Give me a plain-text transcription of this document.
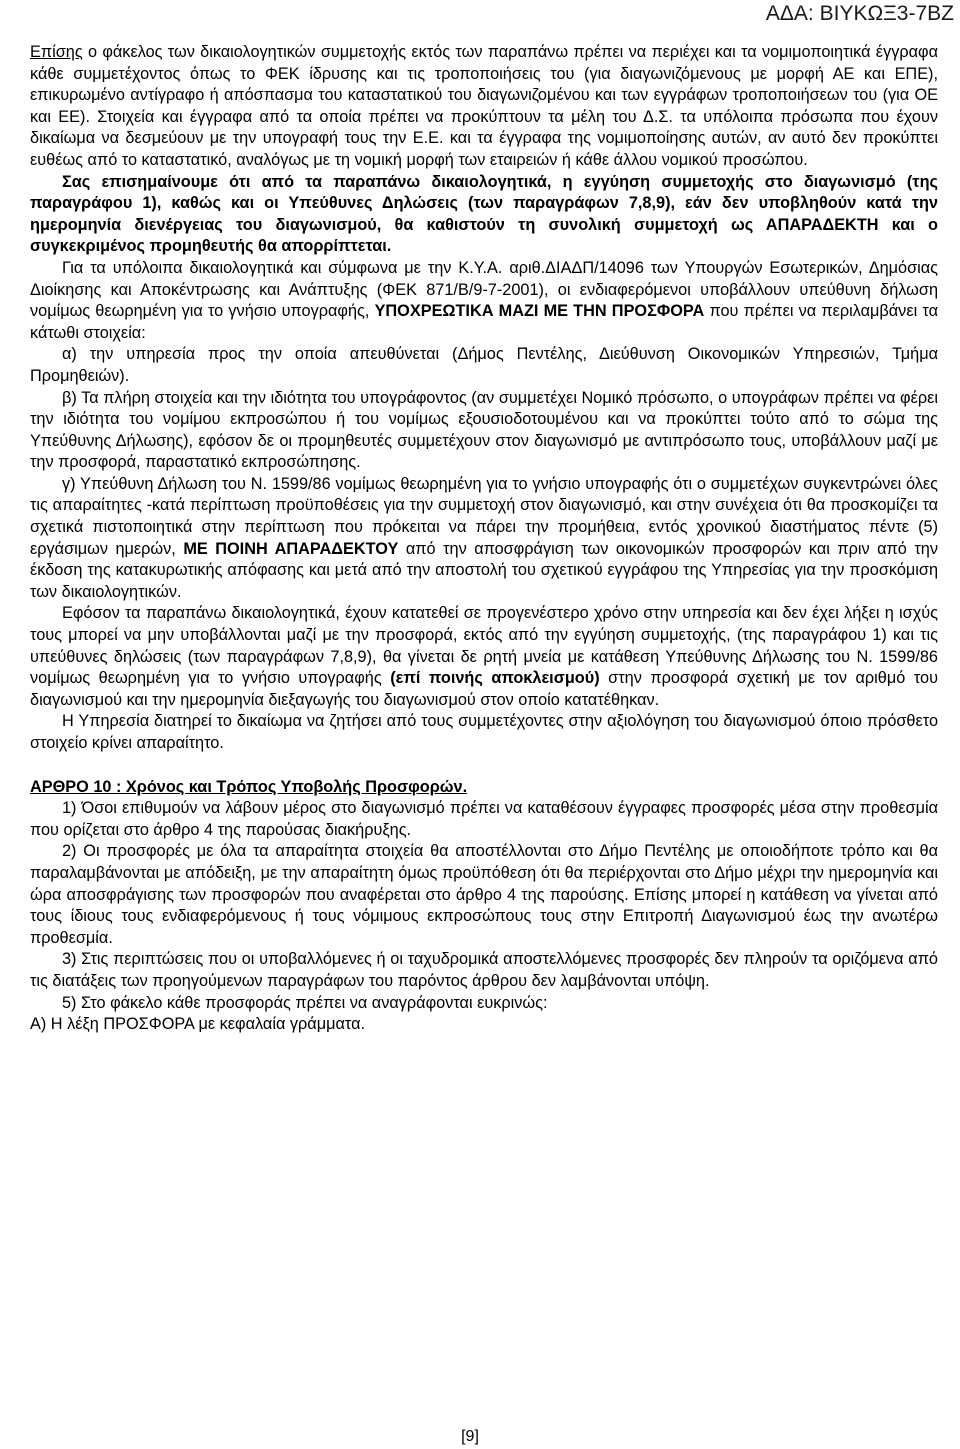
ΑΔΑ: ΒΙΥΚΩΞ3-7ΒΖ

Επίσης ο φάκελος των δικαιολογητικών συμμετοχής εκτός των παραπάνω πρέπει να περιέχει και τα νομιμοποιητικά έγγραφα κάθε συμμετέχοντος όπως το ΦΕΚ ίδρυσης και τις τροποποιήσεις του (για διαγωνιζόμενους με μορφή ΑΕ και ΕΠΕ), επικυρωμένο αντίγραφο ή απόσπασμα του καταστατικού του διαγωνιζομένου και των εγγράφων τροποποιήσεων του (για ΟΕ και ΕΕ). Στοιχεία και έγγραφα από τα οποία πρέπει να προκύπτουν τα μέλη του Δ.Σ. τα υπόλοιπα πρόσωπα που έχουν δικαίωμα να δεσμεύουν με την υπογραφή τους την Ε.Ε. και τα έγγραφα της νομιμοποίησης αυτών, αν αυτό δεν προκύπτει ευθέως από το καταστατικό, αναλόγως με τη νομική μορφή των εταιρειών ή κάθε άλλου νομικού προσώπου.

Σας επισημαίνουμε ότι από τα παραπάνω δικαιολογητικά, η εγγύηση συμμετοχής στο διαγωνισμό (της παραγράφου 1), καθώς και οι Υπεύθυνες Δηλώσεις (των παραγράφων 7,8,9), εάν δεν υποβληθούν κατά την ημερομηνία διενέργειας του διαγωνισμού, θα καθιστούν τη συνολική συμμετοχή ως ΑΠΑΡΑΔΕΚΤΗ και ο συγκεκριμένος προμηθευτής θα απορρίπτεται.

Για τα υπόλοιπα δικαιολογητικά και σύμφωνα με την Κ.Υ.Α. αριθ.ΔΙΑΔΠ/14096 των Υπουργών Εσωτερικών, Δημόσιας Διοίκησης και Αποκέντρωσης και Ανάπτυξης (ΦΕΚ 871/Β/9-7-2001), οι ενδιαφερόμενοι υποβάλλουν υπεύθυνη δήλωση νομίμως θεωρημένη για το γνήσιο υπογραφής, ΥΠΟΧΡΕΩΤΙΚΑ ΜΑΖΙ ΜΕ ΤΗΝ ΠΡΟΣΦΟΡΑ που πρέπει να περιλαμβάνει τα κάτωθι στοιχεία:

α) την υπηρεσία προς την οποία απευθύνεται (Δήμος Πεντέλης, Διεύθυνση Οικονομικών Υπηρεσιών, Τμήμα Προμηθειών).

β) Τα πλήρη στοιχεία και την ιδιότητα του υπογράφοντος (αν συμμετέχει Νομικό πρόσωπο, ο υπογράφων πρέπει να φέρει την ιδιότητα του νομίμου εκπροσώπου ή του νομίμως εξουσιοδοτουμένου και να προκύπτει τούτο από το σώμα της Υπεύθυνης Δήλωσης), εφόσον δε οι προμηθευτές συμμετέχουν στον διαγωνισμό με αντιπρόσωπο τους, υποβάλλουν μαζί με την προσφορά, παραστατικό εκπροσώπησης.

γ) Υπεύθυνη Δήλωση του Ν. 1599/86 νομίμως θεωρημένη για το γνήσιο υπογραφής ότι ο συμμετέχων συγκεντρώνει όλες τις απαραίτητες -κατά περίπτωση προϋποθέσεις για την συμμετοχή στον διαγωνισμό, και στην συνέχεια ότι θα προσκομίζει τα σχετικά πιστοποιητικά στην περίπτωση που πρόκειται να πάρει την προμήθεια, εντός χρονικού διαστήματος πέντε (5) εργάσιμων ημερών, ΜΕ ΠΟΙΝΗ ΑΠΑΡΑΔΕΚΤΟΥ από την αποσφράγιση των οικονομικών προσφορών και πριν από την έκδοση της κατακυρωτικής απόφασης και μετά από την αποστολή του σχετικού εγγράφου της Υπηρεσίας για την προσκόμιση των δικαιολογητικών.

Εφόσον τα παραπάνω δικαιολογητικά, έχουν κατατεθεί σε προγενέστερο χρόνο στην υπηρεσία και δεν έχει λήξει η ισχύς τους μπορεί να μην υποβάλλονται μαζί με την προσφορά, εκτός από την εγγύηση συμμετοχής, (της παραγράφου 1) και τις υπεύθυνες δηλώσεις (των παραγράφων 7,8,9), θα γίνεται δε ρητή μνεία με κατάθεση Υπεύθυνης Δήλωσης του Ν. 1599/86 νομίμως θεωρημένη για το γνήσιο υπογραφής (επί ποινής αποκλεισμού) στην προσφορά σχετική με τον αριθμό του διαγωνισμού και την ημερομηνία διεξαγωγής του διαγωνισμού στον οποίο κατατέθηκαν.

Η Υπηρεσία διατηρεί το δικαίωμα να ζητήσει από τους συμμετέχοντες στην αξιολόγηση του διαγωνισμού όποιο πρόσθετο στοιχείο κρίνει απαραίτητο.

ΑΡΘΡΟ 10 : Χρόνος και Τρόπος Υποβολής Προσφορών.

1) Όσοι επιθυμούν να λάβουν μέρος στο διαγωνισμό πρέπει να καταθέσουν έγγραφες προσφορές μέσα στην προθεσμία που ορίζεται στο άρθρο 4 της παρούσας διακήρυξης.

2) Οι προσφορές με όλα τα απαραίτητα στοιχεία θα αποστέλλονται στο Δήμο Πεντέλης με οποιοδήποτε τρόπο και θα παραλαμβάνονται με απόδειξη, με την απαραίτητη όμως προϋπόθεση ότι θα περιέρχονται στο Δήμο μέχρι την ημερομηνία και ώρα αποσφράγισης των προσφορών που αναφέρεται στο άρθρο 4 της παρούσης. Επίσης μπορεί η κατάθεση να γίνεται από τους ίδιους τους ενδιαφερόμενους ή τους νόμιμους εκπροσώπους τους στην Επιτροπή Διαγωνισμού έως την ανωτέρω προθεσμία.

3) Στις περιπτώσεις που οι υποβαλλόμενες ή οι ταχυδρομικά αποστελλόμενες προσφορές δεν πληρούν τα οριζόμενα από τις διατάξεις των προηγούμενων παραγράφων του παρόντος άρθρου δεν λαμβάνονται υπόψη.

5) Στο φάκελο κάθε προσφοράς πρέπει να αναγράφονται ευκρινώς:

Α) Η λέξη ΠΡΟΣΦΟΡΑ με κεφαλαία γράμματα.

[9]
